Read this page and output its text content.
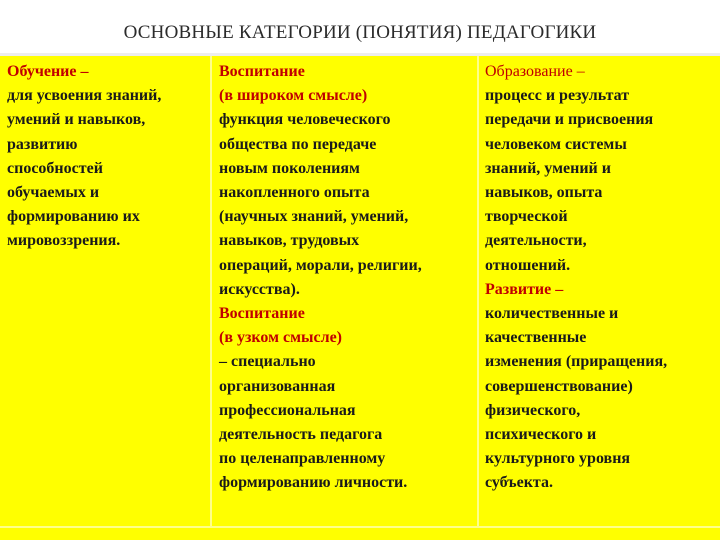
ОСНОВНЫЕ КАТЕГОРИИ (ПОНЯТИЯ) ПЕДАГОГИКИ
Обучение –
для усвоения знаний,
умений и навыков,
развитию
способностей
обучаемых и
формированию их
мировоззрения.
Воспитание
(в широком смысле)
функция человеческого
общества по передаче
новым поколениям
накопленного опыта
(научных знаний, умений,
навыков, трудовых
операций, морали, религии,
искусства).
Воспитание
(в узком смысле)
– специально
организованная
профессиональная
деятельность педагога
по целенаправленному
формированию личности.
Образование –
процесс и результат
передачи и присвоения
человеком системы
знаний, умений и
навыков, опыта
творческой
деятельности,
отношений.
Развитие –
количественные и
качественные
изменения (приращения,
совершенствование)
физического,
психического и
культурного уровня
субъекта.
